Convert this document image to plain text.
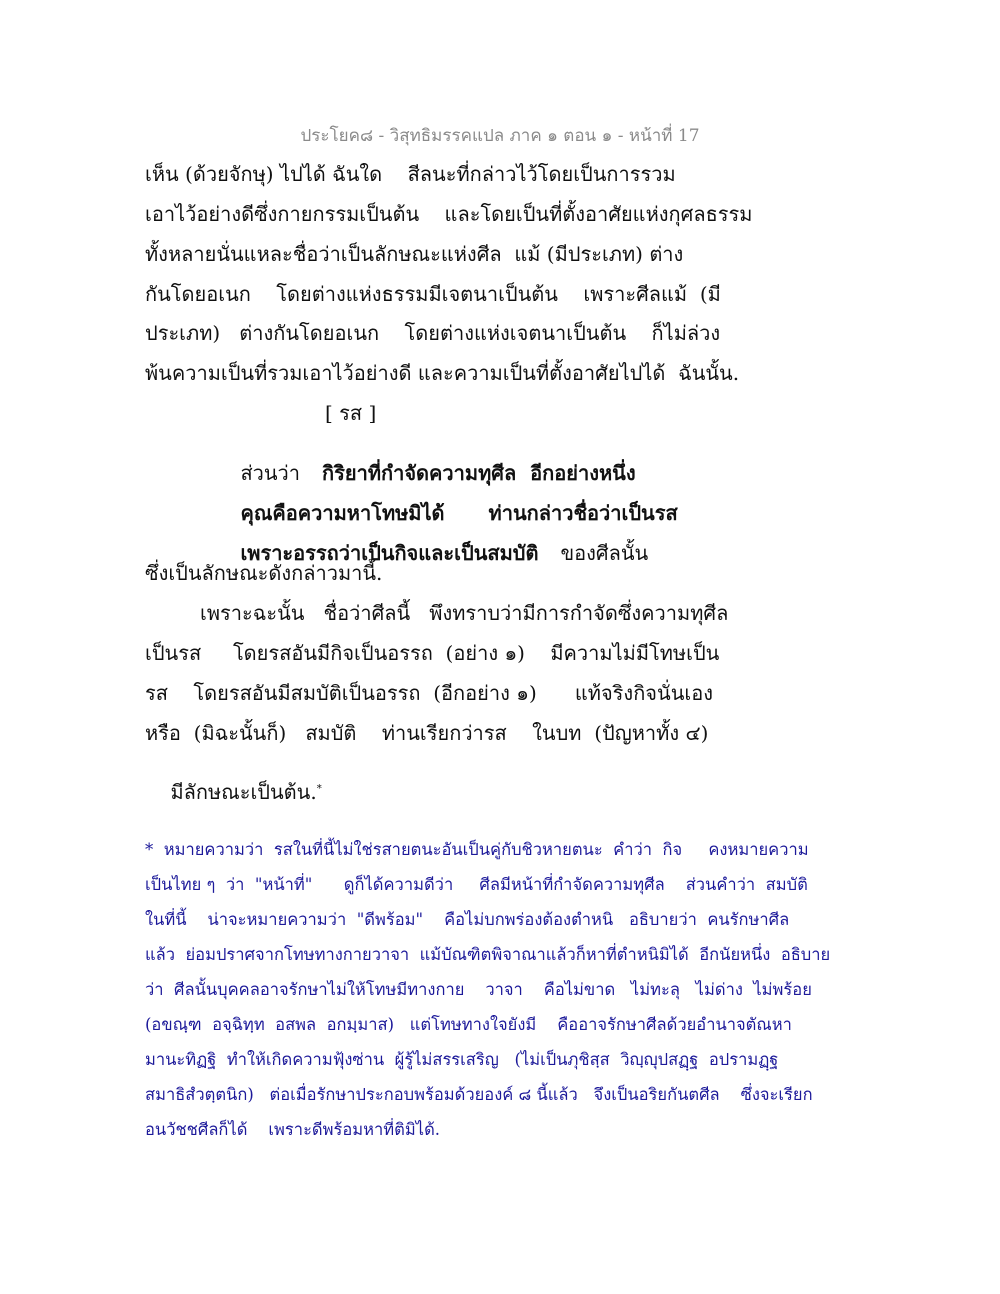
ประโยค๘ - วิสุทธิมรรคแปล ภาค ๑ ตอน ๑ - หน้าที่ 17
เห็น (ด้วยจักษุ) ไปได้ ฉันใด    สีลนะที่กล่าวไว้โดยเป็นการรวม
เอาไว้อย่างดีซึ่งกายกรรมเป็นต้น    และโดยเป็นที่ตั้งอาศัยแห่งกุศลธรรม
ทั้งหลายนั่นแหละชื่อว่าเป็นลักษณะแห่งศีล  แม้ (มีประเภท) ต่าง
กันโดยอเนก    โดยต่างแห่งธรรมมีเจตนาเป็นต้น    เพราะศีลแม้  (มี
ประเภท)   ต่างกันโดยอเนก    โดยต่างแห่งเจตนาเป็นต้น    ก็ไม่ล่วง
พ้นความเป็นที่รวมเอาไว้อย่างดี และความเป็นที่ตั้งอาศัยไปได้  ฉันนั้น.
[ รส ]

ส่วนว่า กิริยาที่กำจัดความทุศีล  อีกอย่างหนึ่ง

คุณคือความหาโทษมิได้ ท่านกล่าวชื่อว่าเป็นรส

เพราะอรรถว่าเป็นกิจและเป็นสมบัติ ของศีลนั้น

ซึ่งเป็นลักษณะดังกล่าวมานี้.
เพราะฉะนั้น   ชื่อว่าศีลนี้   พึงทราบว่ามีการกำจัดซึ่งความทุศีล
เป็นรส     โดยรสอันมีกิจเป็นอรรถ  (อย่าง ๑)    มีความไม่มีโทษเป็น
รส    โดยรสอันมีสมบัติเป็นอรรถ  (อีกอย่าง ๑)      แท้จริงกิจนั่นเอง
หรือ  (มิฉะนั้นก็)   สมบัติ    ท่านเรียกว่ารส    ในบท  (ปัญหาทั้ง ๔)

มีลักษณะเป็นต้น.*

*  หมายความว่า  รสในที่นี้ไม่ใช่รสายตนะอันเป็นคู่กับชิวหายตนะ  คำว่า  กิจ     คงหมายความ
เป็นไทย ๆ  ว่า  "หน้าที่"      ดูก็ได้ความดีว่า     ศีลมีหน้าที่กำจัดความทุศีล    ส่วนคำว่า  สมบัติ
ในที่นี้    น่าจะหมายความว่า  "ดีพร้อม"    คือไม่บกพร่องต้องตำหนิ   อธิบายว่า  คนรักษาศีล
แล้ว  ย่อมปราศจากโทษทางกายวาจา  แม้บัณฑิตพิจาณาแล้วก็หาที่ตำหนิมิได้  อีกนัยหนึ่ง  อธิบาย
ว่า  ศีลนั้นบุคคลอาจรักษาไม่ให้โทษมีทางกาย    วาจา    คือไม่ขาด   ไม่ทะลุ   ไม่ด่าง  ไม่พร้อย
(อขณฺฑ  อจฺฉิทฺท  อสพล  อกมฺมาส)   แต่โทษทางใจยังมี    คืออาจรักษาศีลด้วยอำนาจตัณหา
มานะทิฏฐิ  ทำให้เกิดความฟุ้งซ่าน  ผู้รู้ไม่สรรเสริญ   (ไม่เป็นภุชิสฺส  วิญฺญุปสฏฺฐ  อปรามฏฺฐ
สมาธิสํวตฺตนิก)   ต่อเมื่อรักษาประกอบพร้อมด้วยองค์ ๘ นี้แล้ว   จึงเป็นอริยกันตศีล    ซึ่งจะเรียก
อนวัชชศีลก็ได้    เพราะดีพร้อมหาที่ติมิได้.
